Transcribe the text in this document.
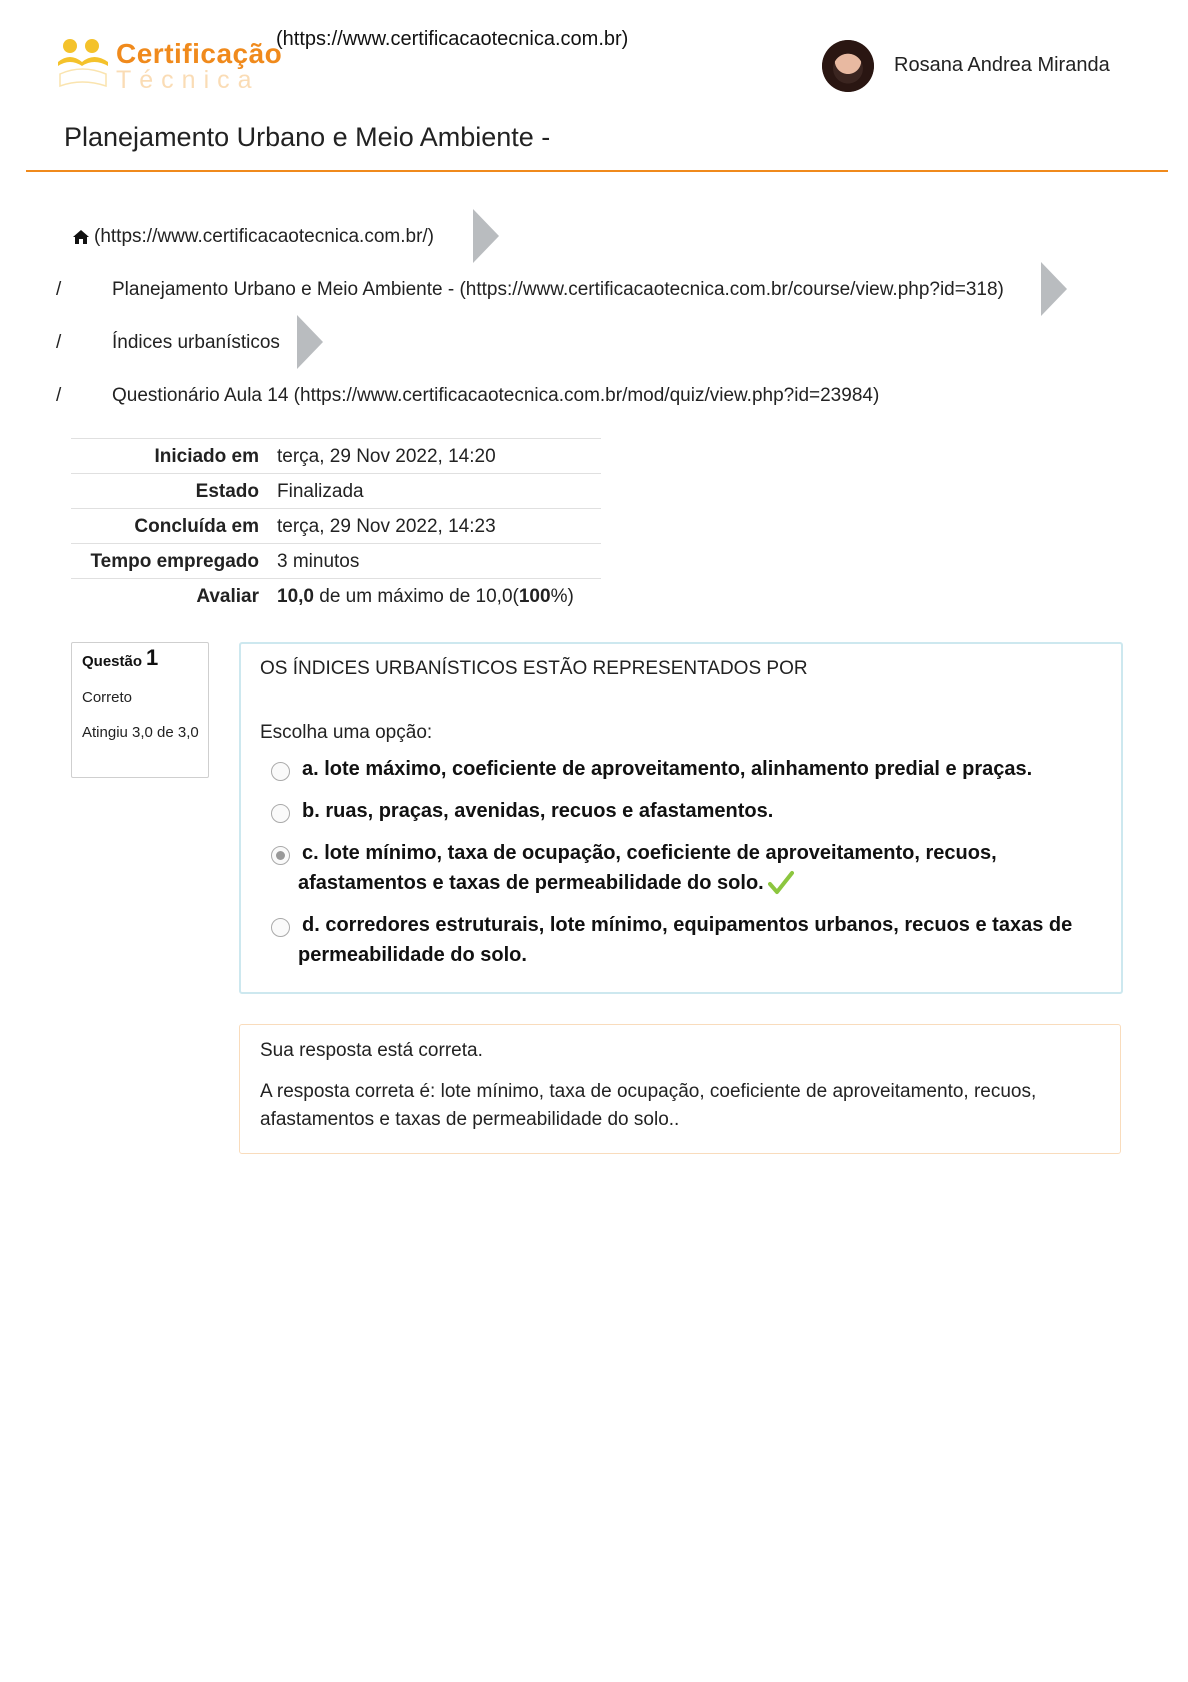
Certificação
Técnica
(https://www.certificacaotecnica.com.br)
Rosana Andrea Miranda
Planejamento Urbano e Meio Ambiente -
(https://www.certificacaotecnica.com.br/)
/	Planejamento Urbano e Meio Ambiente - (https://www.certificacaotecnica.com.br/course/view.php?id=318)
/	Índices urbanísticos
/	Questionário Aula 14 (https://www.certificacaotecnica.com.br/mod/quiz/view.php?id=23984)
Iniciado em terça, 29 Nov 2022, 14:20
Estado Finalizada
Concluída em terça, 29 Nov 2022, 14:23
Tempo empregado 3 minutos
Avaliar 10,0 de um máximo de 10,0(100%)
Questão 1
Correto
Atingiu 3,0 de 3,0
OS ÍNDICES URBANÍSTICOS ESTÃO REPRESENTADOS POR
Escolha uma opção:
a. lote máximo, coeficiente de aproveitamento, alinhamento predial e praças.
b. ruas, praças, avenidas, recuos e afastamentos.
c. lote mínimo, taxa de ocupação, coeficiente de aproveitamento, recuos,
afastamentos e taxas de permeabilidade do solo.
d. corredores estruturais, lote mínimo, equipamentos urbanos, recuos e taxas de
permeabilidade do solo.
Sua resposta está correta.
A resposta correta é: lote mínimo, taxa de ocupação, coeficiente de aproveitamento, recuos, afastamentos e taxas de permeabilidade do solo..
